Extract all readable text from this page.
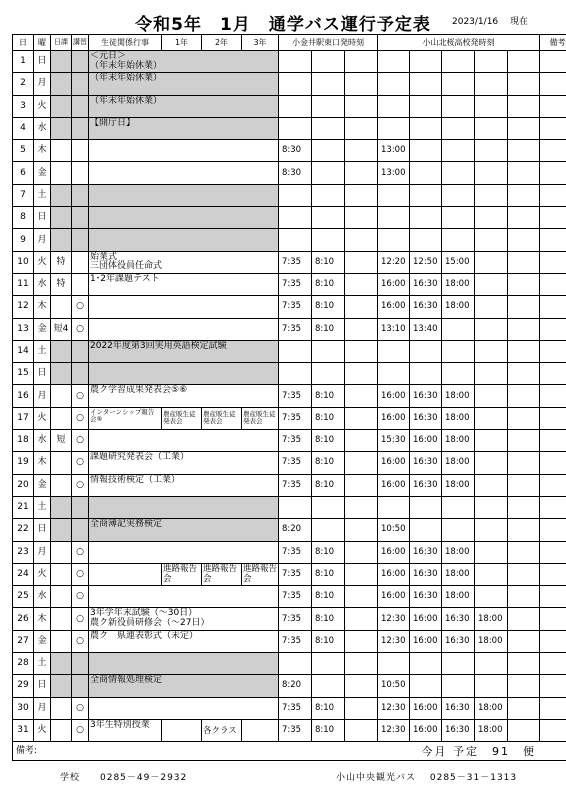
令和5年　1月　通学バス運行予定表	2023/1/16　 現在
日	曜	日課	講習	生徒関係行事	1年	2年	3年	小金井駅東口発時刻			小山北桜高校発時刻					備考
1	日			＜元日＞
（年末年始休業）												
2	月			（年末年始休業）												
3	火			（年末年始休業）												
4	水			【開庁日】												
5	木							8:30			13:00					
6	金							8:30			13:00					
7	土															
8	日															
9	月															
10	火	特		始業式
三団体役員任命式				7:35	8:10		12:20	12:50	15:00			
11	水	特		1･2年課題テスト				7:35	8:10		16:00	16:30	18:00			
12	木		○					7:35	8:10		16:00	16:30	18:00			
13	金	短4	○					7:35	8:10		13:10	13:40				
14	土			2022年度第3回実用英語検定試験												
15	日															
16	月		○	農ク学習成果発表会⑤⑥				7:35	8:10		16:00	16:30	18:00			
17	火		○	インターンシップ報告会⑤	農産販生徒発表会	農産販生徒発表会	農産販生徒発表会	7:35	8:10		16:00	16:30	18:00			
18	水	短	○					7:35	8:10		15:30	16:00	18:00			
19	木		○	課題研究発表会（工業）				7:35	8:10		16:00	16:30	18:00			
20	金		○	情報技術検定（工業）				7:35	8:10		16:00	16:30	18:00			
21	土															
22	日			全商簿記実務検定				8:20			10:50					
23	月		○					7:35	8:10		16:00	16:30	18:00			
24	火		○		進路報告会	進路報告会	進路報告会	7:35	8:10		16:00	16:30	18:00			
25	水		○					7:35	8:10		16:00	16:30	18:00			
26	木		○	3年学年末試験（～30日）
農ク新役員研修会（～27日）				7:35	8:10		12:30	16:00	16:30	18:00		
27	金		○	農ク　県連表彰式（未定）				7:35	8:10		12:30	16:00	16:30	18:00		
28	土															
29	日			全商情報処理検定				8:20			10:50					
30	月		○					7:35	8:10		12:30	16:00	16:30	18:00		
31	火		○	3年生特別授業		各クラス		7:35	8:10		12:30	16:00	16:30	18:00		
備考: 今月 予定　91　便																
学校　　0285－49－2932	小山中央観光バス　 0285－31－1313
